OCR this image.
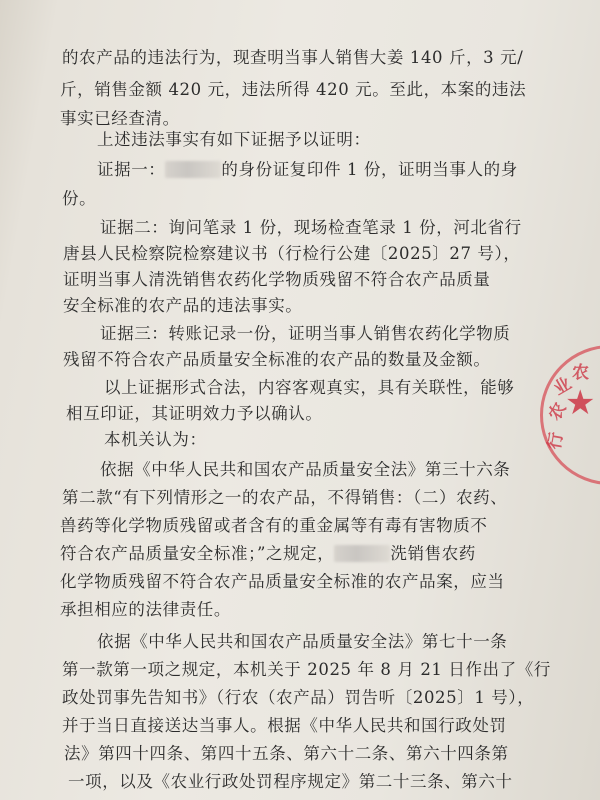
的农产品的违法行为，现查明当事人销售大姜 140 斤，3 元/
斤，销售金额 420 元，违法所得 420 元。至此，本案的违法
事实已经查清。
上述违法事实有如下证据予以证明：
证据一：	的身份证复印件 1 份，证明当事人的身
份。
证据二：询问笔录 1 份，现场检查笔录 1 份，河北省行
唐县人民检察院检察建议书（行检行公建〔2025〕27 号），
证明当事人清洗销售农药化学物质残留不符合农产品质量
安全标准的农产品的违法事实。
证据三：转账记录一份，证明当事人销售农药化学物质
残留不符合农产品质量安全标准的农产品的数量及金额。
以上证据形式合法，内容客观真实，具有关联性，能够
相互印证，其证明效力予以确认。
本机关认为：
依据《中华人民共和国农产品质量安全法》第三十六条
第二款“有下列情形之一的农产品，不得销售：（二）农药、
兽药等化学物质残留或者含有的重金属等有毒有害物质不
符合农产品质量安全标准；”之规定，	洗销售农药
化学物质残留不符合农产品质量安全标准的农产品案，应当
承担相应的法律责任。
依据《中华人民共和国农产品质量安全法》第七十一条
第一款第一项之规定，本机关于 2025 年 8 月 21 日作出了《行
政处罚事先告知书》（行农（农产品）罚告听〔2025〕1 号），
并于当日直接送达当事人。根据《中华人民共和国行政处罚
法》第四十四条、第四十五条、第六十二条、第六十四条第
一项，以及《农业行政处罚程序规定》第二十三条、第六十
农
业
农
行
★
